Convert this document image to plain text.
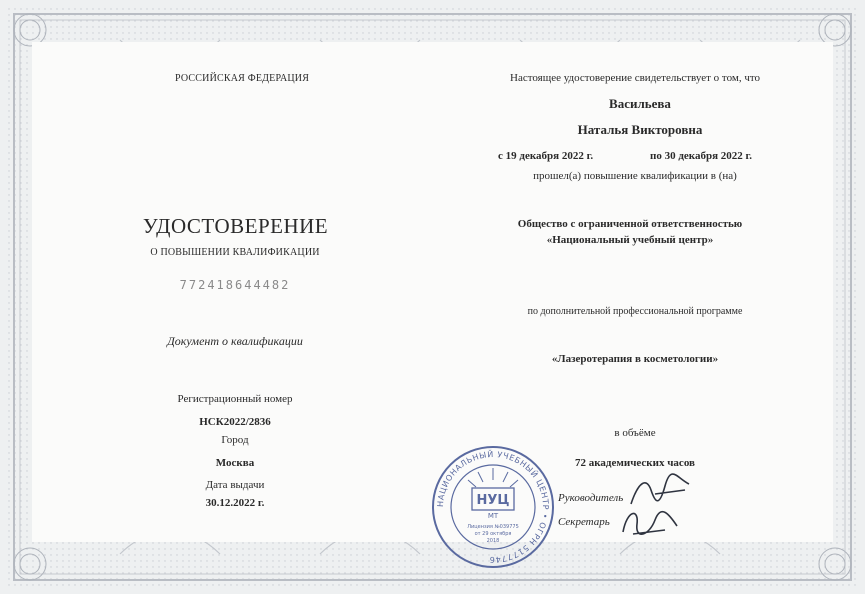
РОССИЙСКАЯ ФЕДЕРАЦИЯ
УДОСТОВЕРЕНИЕ
О ПОВЫШЕНИИ КВАЛИФИКАЦИИ
772418644482
Документ о квалификации
Регистрационный номер
НСК2022/2836
Город
Москва
Дата выдачи
30.12.2022 г.
Настоящее удостоверение свидетельствует о том, что
Васильева
Наталья Викторовна
с 19 декабря 2022 г.	по 30 декабря 2022 г.
прошел(а) повышение квалификации в (на)
Общество с ограниченной ответственностью
«Национальный учебный центр»
по дополнительной профессиональной программе
«Лазеротерапия в косметологии»
в объёме
72 академических часов
Руководитель
Секретарь
НАЦИОНАЛЬНЫЙ УЧЕБНЫЙ ЦЕНТР • ОГРН 5177746
НУЦ
МТ
Лицензия №039775
от 29 октября
2018
